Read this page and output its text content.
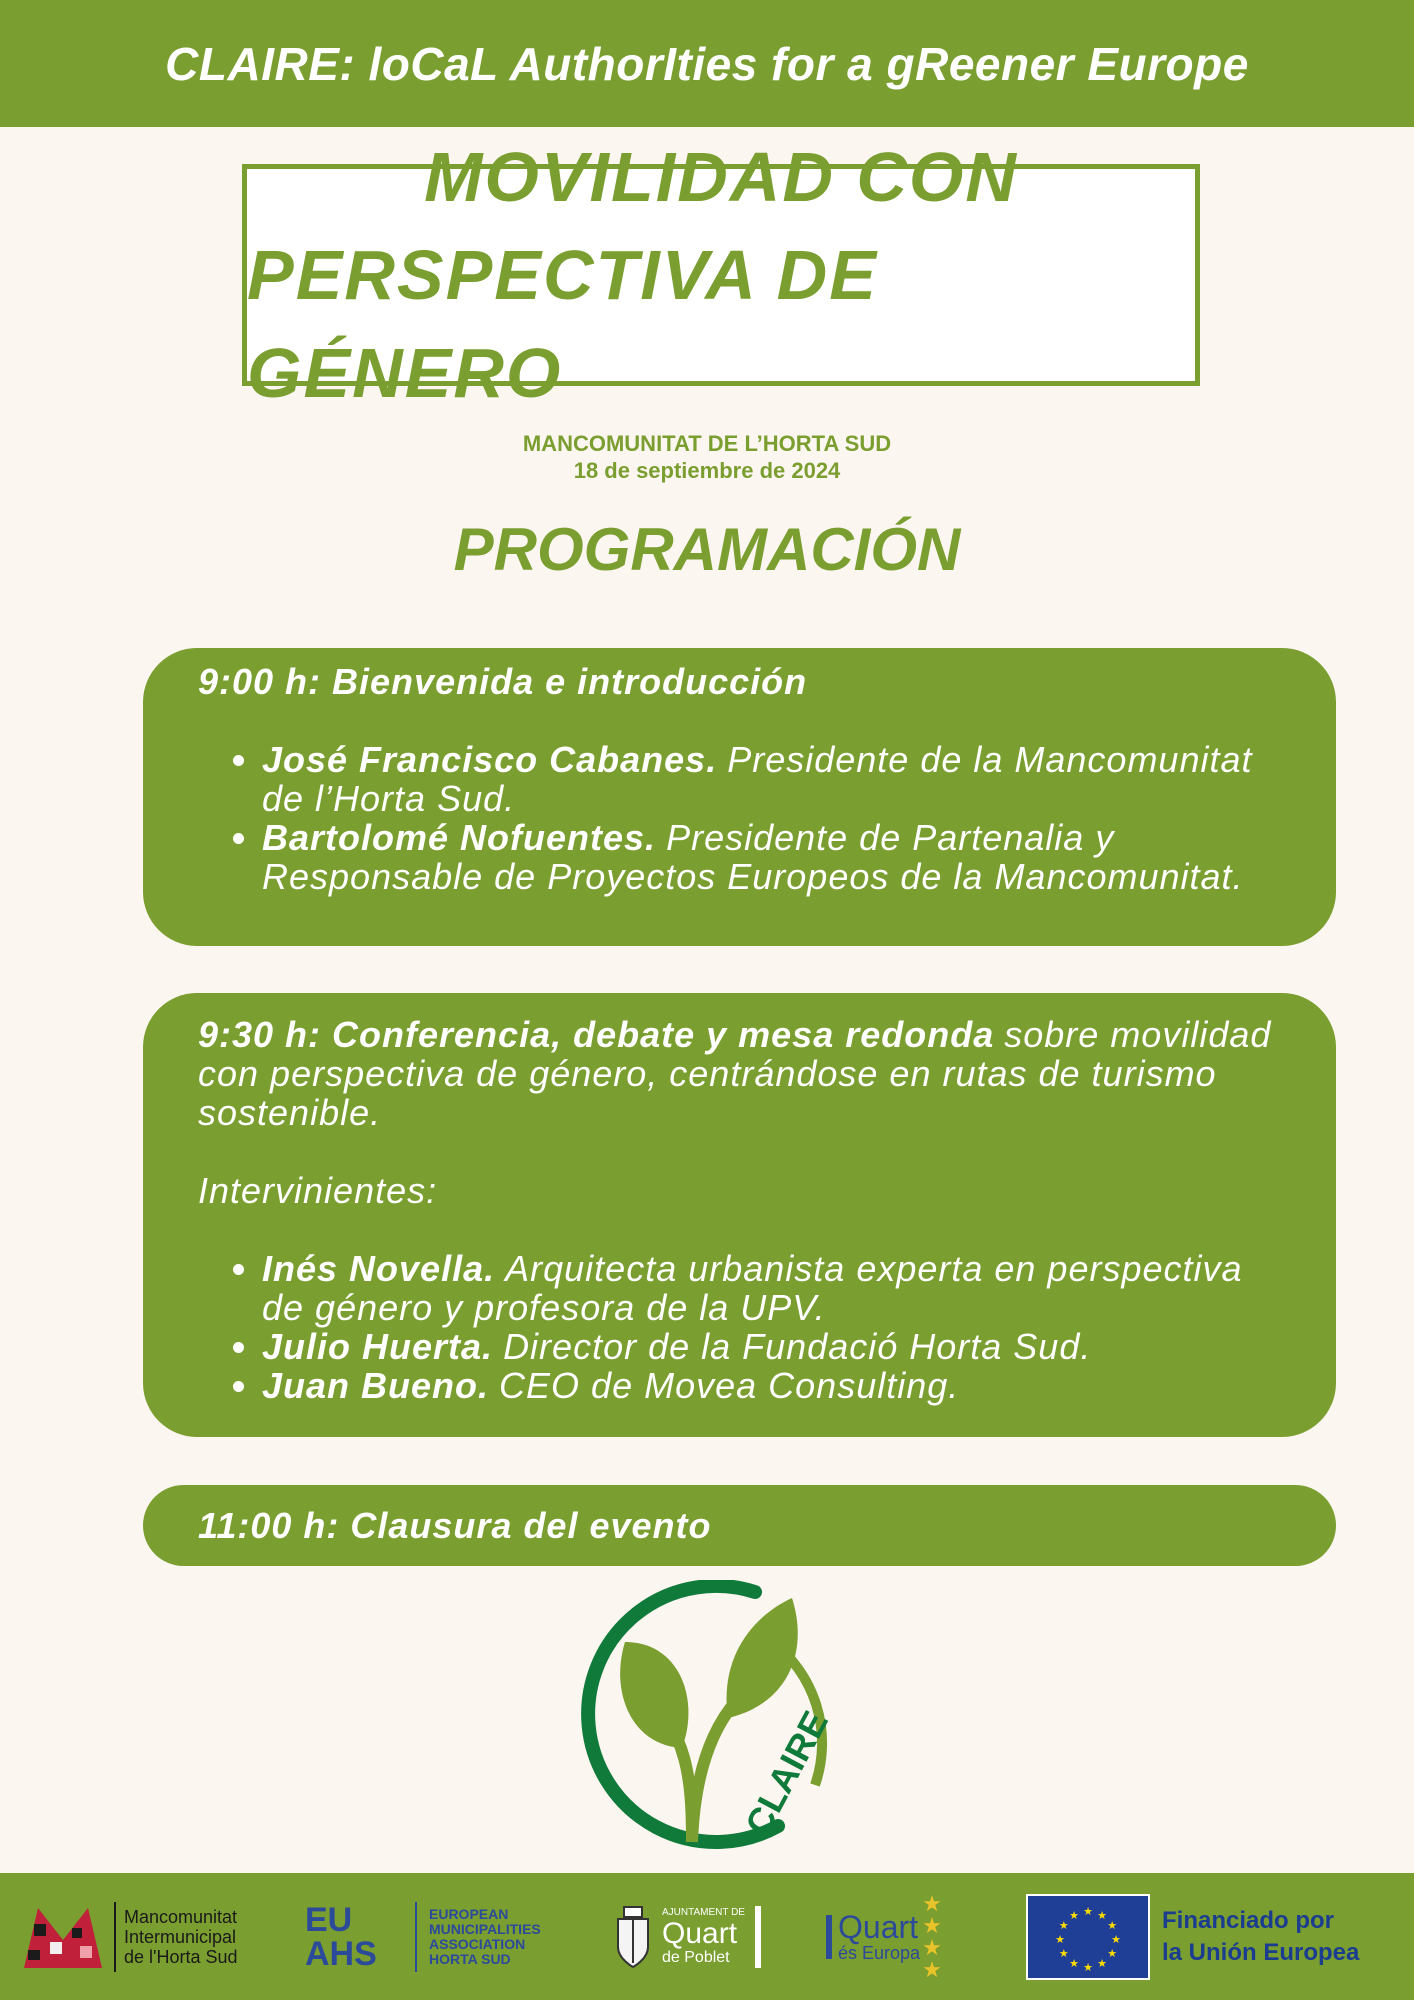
CLAIRE: loCaL AuthorIties for a gReener Europe
MOVILIDAD CON
PERSPECTIVA DE GÉNERO
MANCOMUNITAT DE L’HORTA SUD
18 de septiembre de 2024
PROGRAMACIÓN
9:00 h: Bienvenida e introducción
• José Francisco Cabanes. Presidente de la Mancomunitat de l’Horta Sud.
• Bartolomé Nofuentes. Presidente de Partenalia y Responsable de Proyectos Europeos de la Mancomunitat.
9:30 h: Conferencia, debate y mesa redonda sobre movilidad con perspectiva de género, centrándose en rutas de turismo sostenible.
Intervinientes:
• Inés Novella. Arquitecta urbanista experta en perspectiva de género y profesora de la UPV.
• Julio Huerta. Director de la Fundació Horta Sud.
• Juan Bueno. CEO de Movea Consulting.
11:00 h: Clausura del evento
CLAIRE
Mancomunitat
Intermunicipal
de l'Horta Sud
EU AHS
EUROPEAN
MUNICIPALITIES
ASSOCIATION
HORTA SUD
AJUNTAMENT DE
Quart
de Poblet
Quart
és Europa
★ ★
★ ★
★ ★
★
★
★
★
★
★
★
★
★
★	Financiado por
la Unión Europea
